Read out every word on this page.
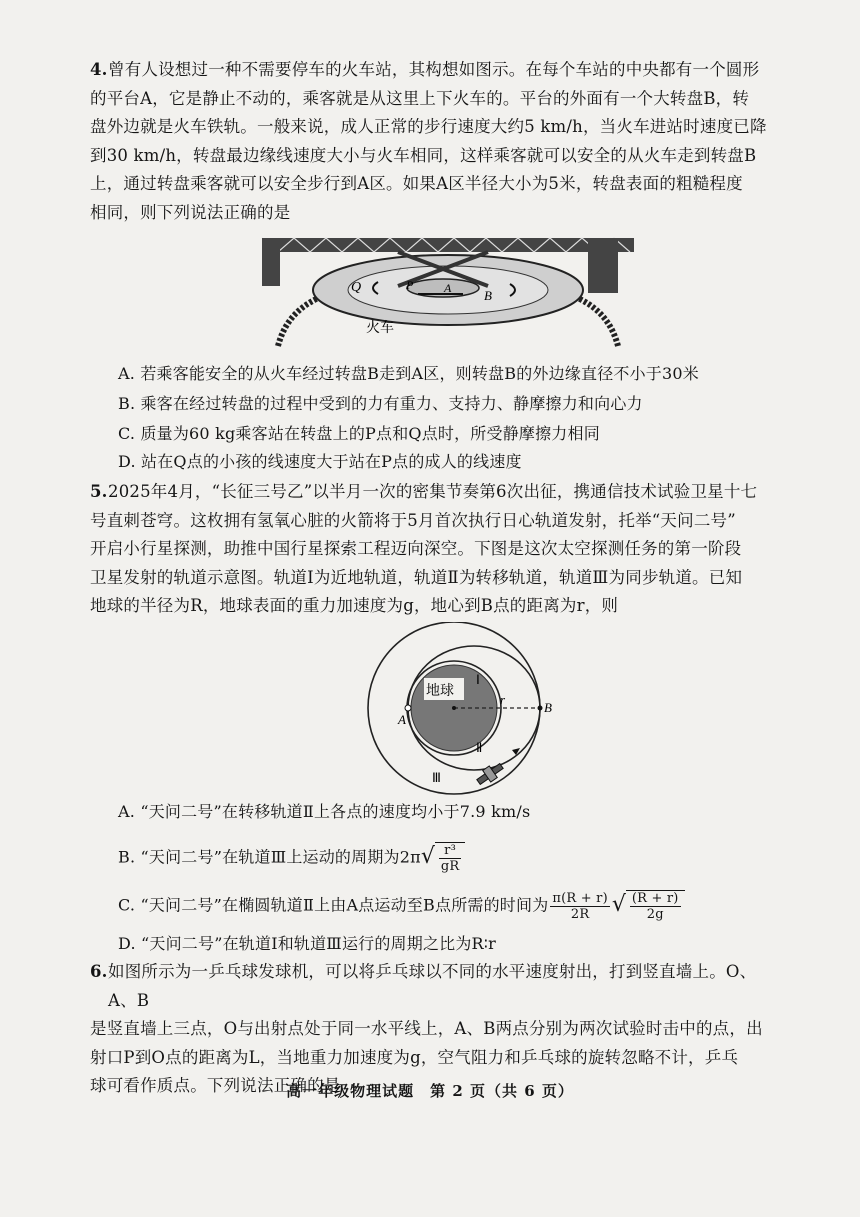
4. 曾有人设想过一种不需要停车的火车站，其构想如图示。在每个车站的中央都有一个圆形
的平台A，它是静止不动的，乘客就是从这里上下火车的。平台的外面有一个大转盘B，转
盘外边就是火车铁轨。一般来说，成人正常的步行速度大约5 km/h，当火车进站时速度已降
到30 km/h，转盘最边缘线速度大小与火车相同，这样乘客就可以安全的从火车走到转盘B
上，通过转盘乘客就可以安全步行到A区。如果A区半径大小为5米，转盘表面的粗糙程度
相同，则下列说法正确的是

Q	P	A	B
火车

A. 若乘客能安全的从火车经过转盘B走到A区，则转盘B的外边缘直径不小于30米

B. 乘客在经过转盘的过程中受到的力有重力、支持力、静摩擦力和向心力

C. 质量为60 kg乘客站在转盘上的P点和Q点时，所受静摩擦力相同

D. 站在Q点的小孩的线速度大于站在P点的成人的线速度

5. 2025年4月，“长征三号乙”以半月一次的密集节奏第6次出征，携通信技术试验卫星十七
号直刺苍穹。这枚拥有氢氧心脏的火箭将于5月首次执行日心轨道发射，托举“天问二号”
开启小行星探测，助推中国行星探索工程迈向深空。下图是这次太空探测任务的第一阶段
卫星发射的轨道示意图。轨道Ⅰ为近地轨道，轨道Ⅱ为转移轨道，轨道Ⅲ为同步轨道。已知
地球的半径为R，地球表面的重力加速度为g，地心到B点的距离为r，则

地球
Ⅰ
Ⅱ
Ⅲ
A
B
r

A. “天问二号”在转移轨道Ⅱ上各点的速度均小于7.9 km/s

B. “天问二号”在轨道Ⅲ上运动的周期为2π √ $\frac{\text{r³}}{gR}$

C. “天问二号”在椭圆轨道Ⅱ上由A点运动至B点所需的时间为 $\frac{\pi(R + r)}{2R}$ √ $\frac{(R + r)}{2g}$

D. “天问二号”在轨道Ⅰ和轨道Ⅲ运行的周期之比为R∶r

6. 如图所示为一乒乓球发球机，可以将乒乓球以不同的水平速度射出，打到竖直墙上。O、A、B
是竖直墙上三点，O与出射点处于同一水平线上，A、B两点分别为两次试验时击中的点，出
射口P到O点的距离为L，当地重力加速度为g，空气阻力和乒乓球的旋转忽略不计，乒乓
球可看作质点。下列说法正确的是

高一年级物理试题　第 2 页（共 6 页）
